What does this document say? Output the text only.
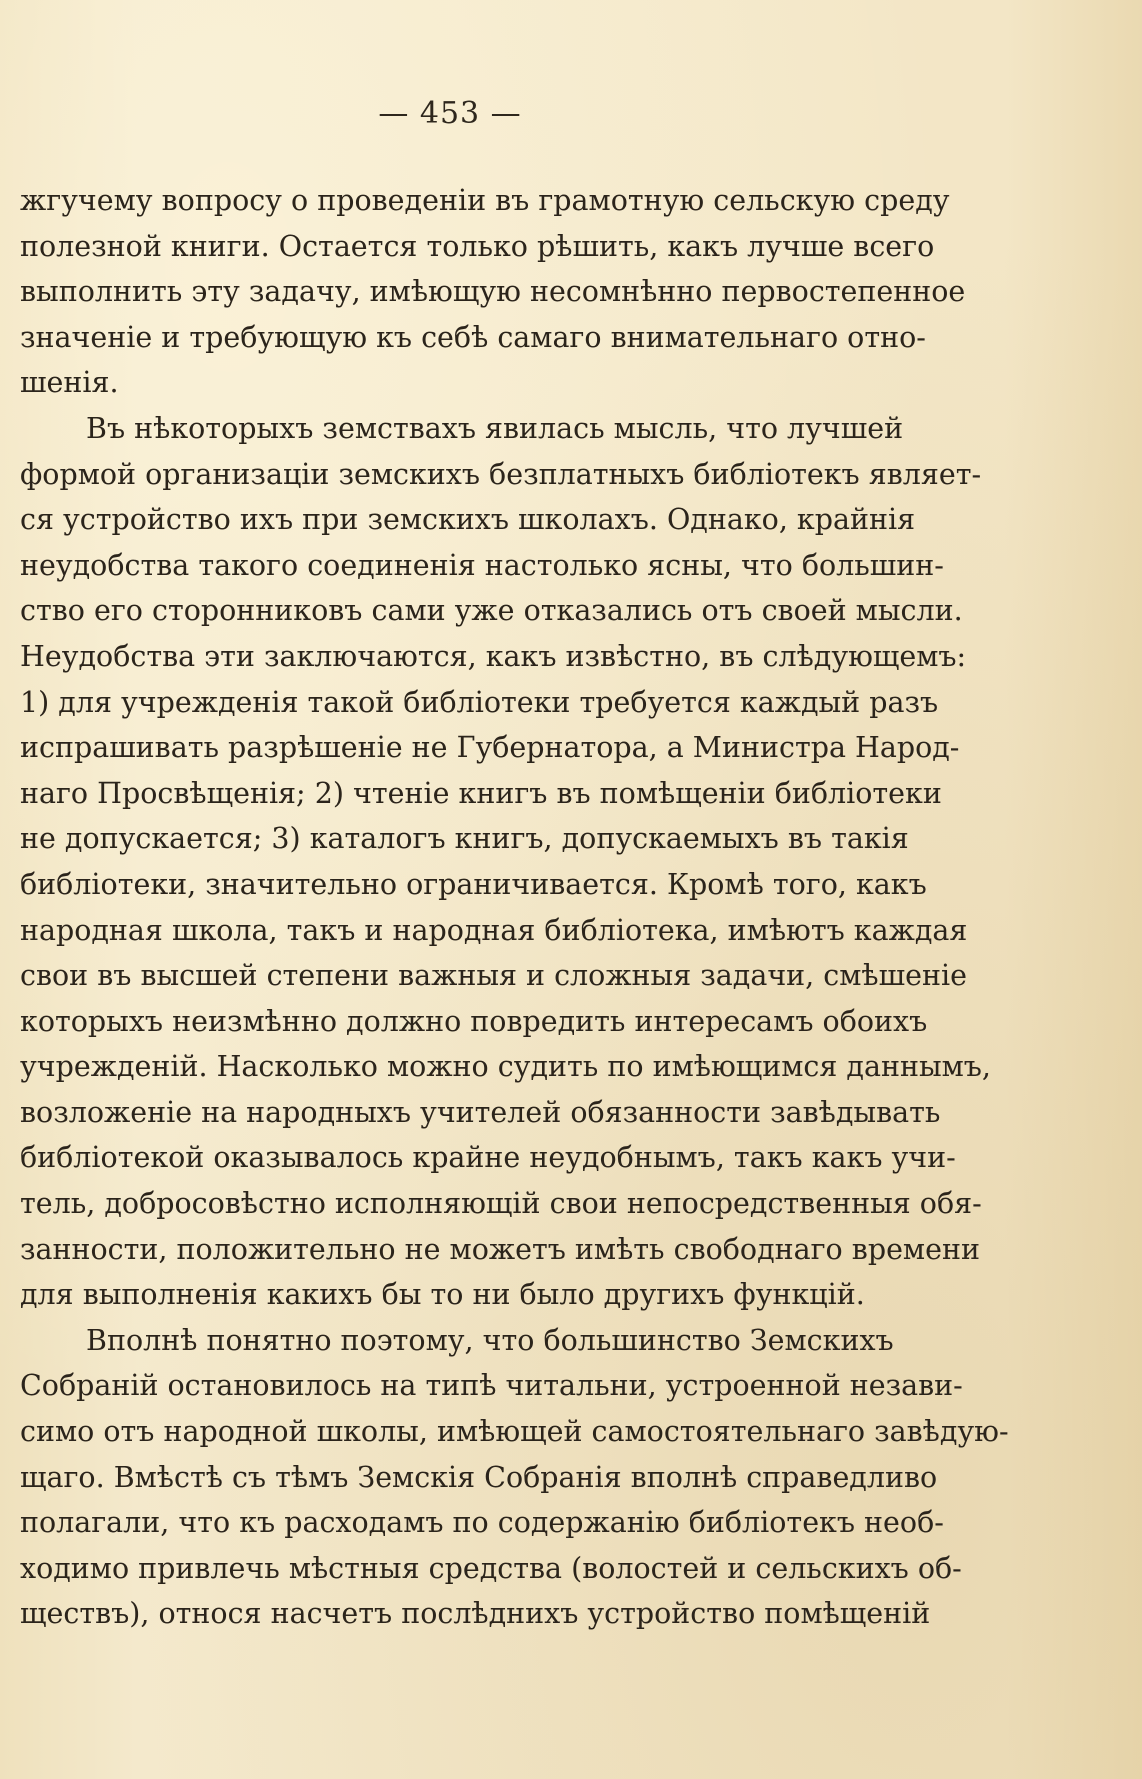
— 453 —
жгучему вопросу о проведенiи въ грамотную сельскую среду
полезной книги. Остается только рѣшить, какъ лучше всего
выполнить эту задачу, имѣющую несомнѣнно первостепенное
значенiе и требующую къ себѣ самаго внимательнаго отно-
шенiя.
Въ нѣкоторыхъ земствахъ явилась мысль, что лучшей
формой организацiи земскихъ безплатныхъ библiотекъ являет-
ся устройство ихъ при земскихъ школахъ. Однако, крайнiя
неудобства такого соединенiя настолько ясны, что большин-
ство его сторонниковъ сами уже отказались отъ своей мысли.
Неудобства эти заключаются, какъ извѣстно, въ слѣдующемъ:
1) для учрежденiя такой библiотеки требуется каждый разъ
испрашивать разрѣшенiе не Губернатора, а Министра Народ-
наго Просвѣщенiя; 2) чтенiе книгъ въ помѣщенiи библiотеки
не допускается; 3) каталогъ книгъ, допускаемыхъ въ такiя
библiотеки, значительно ограничивается. Кромѣ того, какъ
народная школа, такъ и народная библiотека, имѣютъ каждая
свои въ высшей степени важныя и сложныя задачи, смѣшенiе
которыхъ неизмѣнно должно повредить интересамъ обоихъ
учрежденiй. Насколько можно судить по имѣющимся даннымъ,
возложенiе на народныхъ учителей обязанности завѣдывать
библiотекой оказывалось крайне неудобнымъ, такъ какъ учи-
тель, добросовѣстно исполняющiй свои непосредственныя обя-
занности, положительно не можетъ имѣть свободнаго времени
для выполненiя какихъ бы то ни было другихъ функцiй.
Вполнѣ понятно поэтому, что большинство Земскихъ
Собранiй остановилось на типѣ читальни, устроенной незави-
симо отъ народной школы, имѣющей самостоятельнаго завѣдую-
щаго. Вмѣстѣ съ тѣмъ Земскiя Собранiя вполнѣ справедливо
полагали, что къ расходамъ по содержанiю библiотекъ необ-
ходимо привлечь мѣстныя средства (волостей и сельскихъ об-
ществъ), относя насчетъ послѣднихъ устройство помѣщенiй
